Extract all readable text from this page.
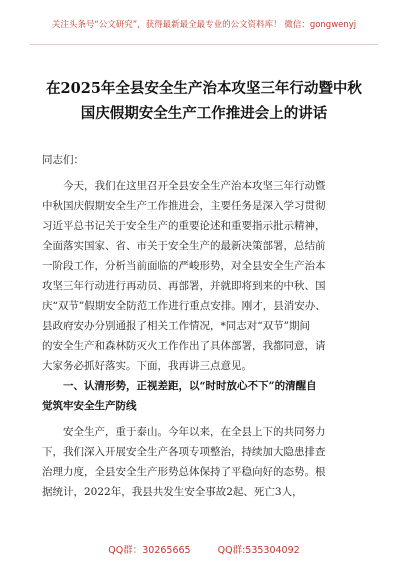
关注头条号“公文研究”，获得最新最全最专业的公文资料库！ 微信：gongwenyj
在2025年全县安全生产治本攻坚三年行动暨中秋
国庆假期安全生产工作推进会上的讲话
同志们：
今天，我们在这里召开全县安全生产治本攻坚三年行动暨
中秋国庆假期安全生产工作推进会，主要任务是深入学习贯彻
习近平总书记关于安全生产的重要论述和重要指示批示精神，
全面落实国家、省、市关于安全生产的最新决策部署，总结前
一阶段工作，分析当前面临的严峻形势，对全县安全生产治本
攻坚三年行动进行再动员、再部署，并就即将到来的中秋、国
庆“双节”假期安全防范工作进行重点安排。刚才，县消安办、
县政府安办分别通报了相关工作情况，*同志对“双节”期间
的安全生产和森林防灭火工作作出了具体部署，我都同意，请
大家务必抓好落实。下面，我再讲三点意见。
一、认清形势，正视差距，以“时时放心不下”的清醒自
觉筑牢安全生产防线
安全生产，重于泰山。今年以来，在全县上下的共同努力
下，我们深入开展安全生产各项专项整治，持续加大隐患排查
治理力度，全县安全生产形势总体保持了平稳向好的态势。根
据统计，2022年，我县共发生安全事故2起、死亡3人，
QQ群：30265665	QQ群:535304092
